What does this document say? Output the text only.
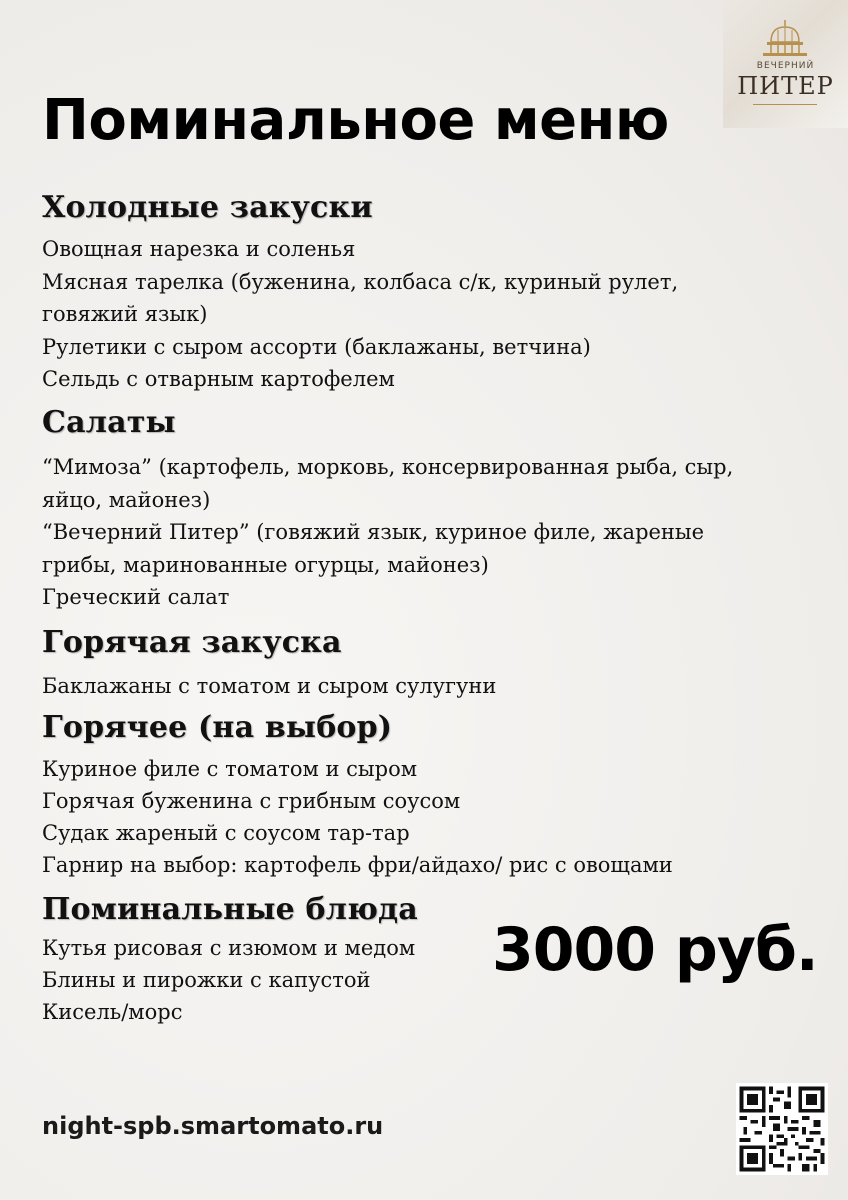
ВЕЧЕРНИЙ
ПИТЕР
Поминальное меню
Холодные закуски
Овощная нарезка и соленья
Мясная тарелка (буженина, колбаса с/к, куриный рулет,
говяжий язык)
Рулетики с сыром ассорти (баклажаны, ветчина)
Сельдь с отварным картофелем
Салаты
“Мимоза” (картофель, морковь, консервированная рыба, сыр,
яйцо, майонез)
“Вечерний Питер” (говяжий язык, куриное филе, жареные
грибы, маринованные огурцы, майонез)
Греческий салат
Горячая закуска
Баклажаны с томатом и сыром сулугуни
Горячее (на выбор)
Куриное филе с томатом и сыром
Горячая буженина с грибным соусом
Судак жареный с соусом тар-тар
Гарнир на выбор: картофель фри/айдахо/ рис с овощами
Поминальные блюда
Кутья рисовая с изюмом и медом
Блины и пирожки с капустой
Кисель/морс
3000 руб.
night-spb.smartomato.ru
